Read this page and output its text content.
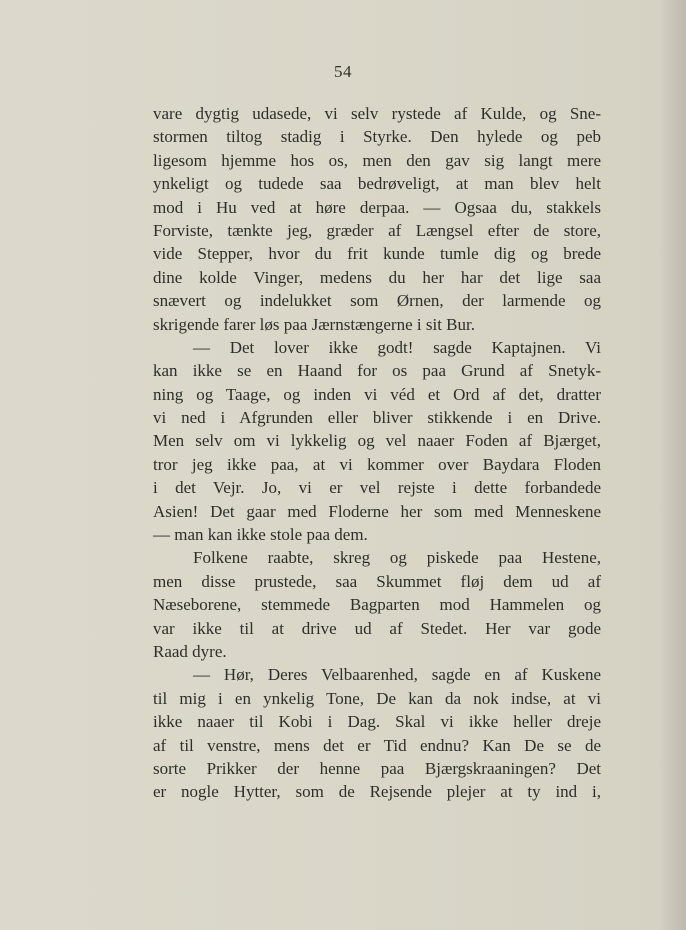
54
vare dygtig udasede, vi selv rystede af Kulde, og Sne-
stormen tiltog stadig i Styrke. Den hylede og peb
ligesom hjemme hos os, men den gav sig langt mere
ynkeligt og tudede saa bedrøveligt, at man blev helt
mod i Hu ved at høre derpaa. — Ogsaa du, stakkels
Forviste, tænkte jeg, græder af Længsel efter de store,
vide Stepper, hvor du frit kunde tumle dig og brede
dine kolde Vinger, medens du her har det lige saa
snævert og indelukket som Ørnen, der larmende og
skrigende farer løs paa Jærnstængerne i sit Bur.
— Det lover ikke godt! sagde Kaptajnen. Vi
kan ikke se en Haand for os paa Grund af Snetyk-
ning og Taage, og inden vi véd et Ord af det, dratter
vi ned i Afgrunden eller bliver stikkende i en Drive.
Men selv om vi lykkelig og vel naaer Foden af Bjærget,
tror jeg ikke paa, at vi kommer over Baydara Floden
i det Vejr. Jo, vi er vel rejste i dette forbandede
Asien! Det gaar med Floderne her som med Menneskene
— man kan ikke stole paa dem.
Folkene raabte, skreg og piskede paa Hestene,
men disse prustede, saa Skummet fløj dem ud af
Næseborene, stemmede Bagparten mod Hammelen og
var ikke til at drive ud af Stedet. Her var gode
Raad dyre.
— Hør, Deres Velbaarenhed, sagde en af Kuskene
til mig i en ynkelig Tone, De kan da nok indse, at vi
ikke naaer til Kobi i Dag. Skal vi ikke heller dreje
af til venstre, mens det er Tid endnu? Kan De se de
sorte Prikker der henne paa Bjærgskraaningen? Det
er nogle Hytter, som de Rejsende plejer at ty ind i,
